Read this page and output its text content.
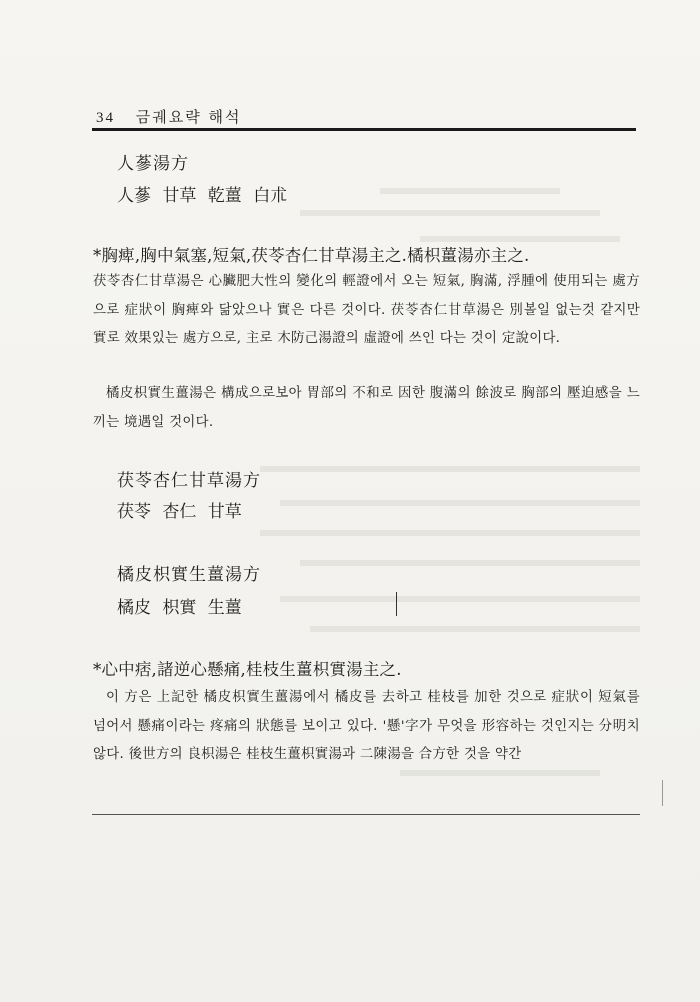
34 금궤요략 해석
人蔘湯方
人蔘 甘草 乾薑 白朮
*胸痺,胸中氣塞,短氣,茯苓杏仁甘草湯主之.橘枳薑湯亦主之.
茯苓杏仁甘草湯은 心臟肥大性의 變化의 輕證에서 오는 短氣, 胸滿, 浮腫에 使用되는 處方으로 症狀이 胸痺와 닮았으나 實은 다른 것이다. 茯苓杏仁甘草湯은 別볼일 없는것 같지만 實로 效果있는 處方으로, 主로 木防己湯證의 虛證에 쓰인 다는 것이 定說이다.
橘皮枳實生薑湯은 構成으로보아 胃部의 不和로 因한 腹滿의 餘波로 胸部의 壓迫感을 느끼는 境遇일 것이다.
茯苓杏仁甘草湯方
茯苓 杏仁 甘草
橘皮枳實生薑湯方
橘皮 枳實 生薑
*心中痞,諸逆心懸痛,桂枝生薑枳實湯主之.
이 方은 上記한 橘皮枳實生薑湯에서 橘皮를 去하고 桂枝를 加한 것으로 症狀이 短氣를 넘어서 懸痛이라는 疼痛의 狀態를 보이고 있다. '懸'字가 무엇을 形容하는 것인지는 分明치 않다. 後世方의 良枳湯은 桂枝生薑枳實湯과 二陳湯을 合方한 것을 약간
